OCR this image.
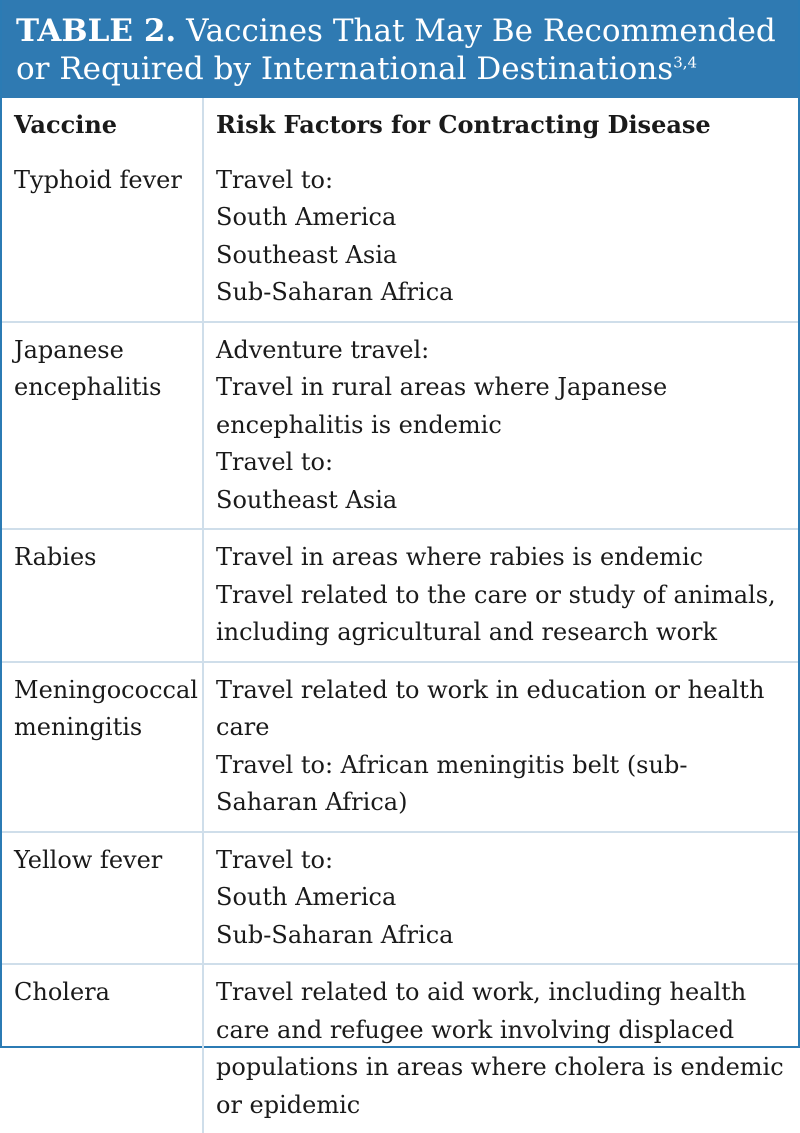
TABLE 2. Vaccines That May Be Recommended or Required by International Destinations$^{3,4}$
Vaccine	Risk Factors for Contracting Disease

Typhoid fever	Travel to:
South America
Southeast Asia
Sub-Saharan Africa

Japanese
encephalitis	Adventure travel:
Travel in rural areas where Japanese encephalitis is endemic
Travel to:
Southeast Asia

Rabies	Travel in areas where rabies is endemic
Travel related to the care or study of animals, including agricultural and research work

Meningococcal
meningitis	Travel related to work in education or health care
Travel to: African meningitis belt (sub-Saharan Africa)

Yellow fever	Travel to:
South America
Sub-Saharan Africa

Cholera	Travel related to aid work, including health care and refugee work involving displaced populations in areas where cholera is endemic or epidemic
